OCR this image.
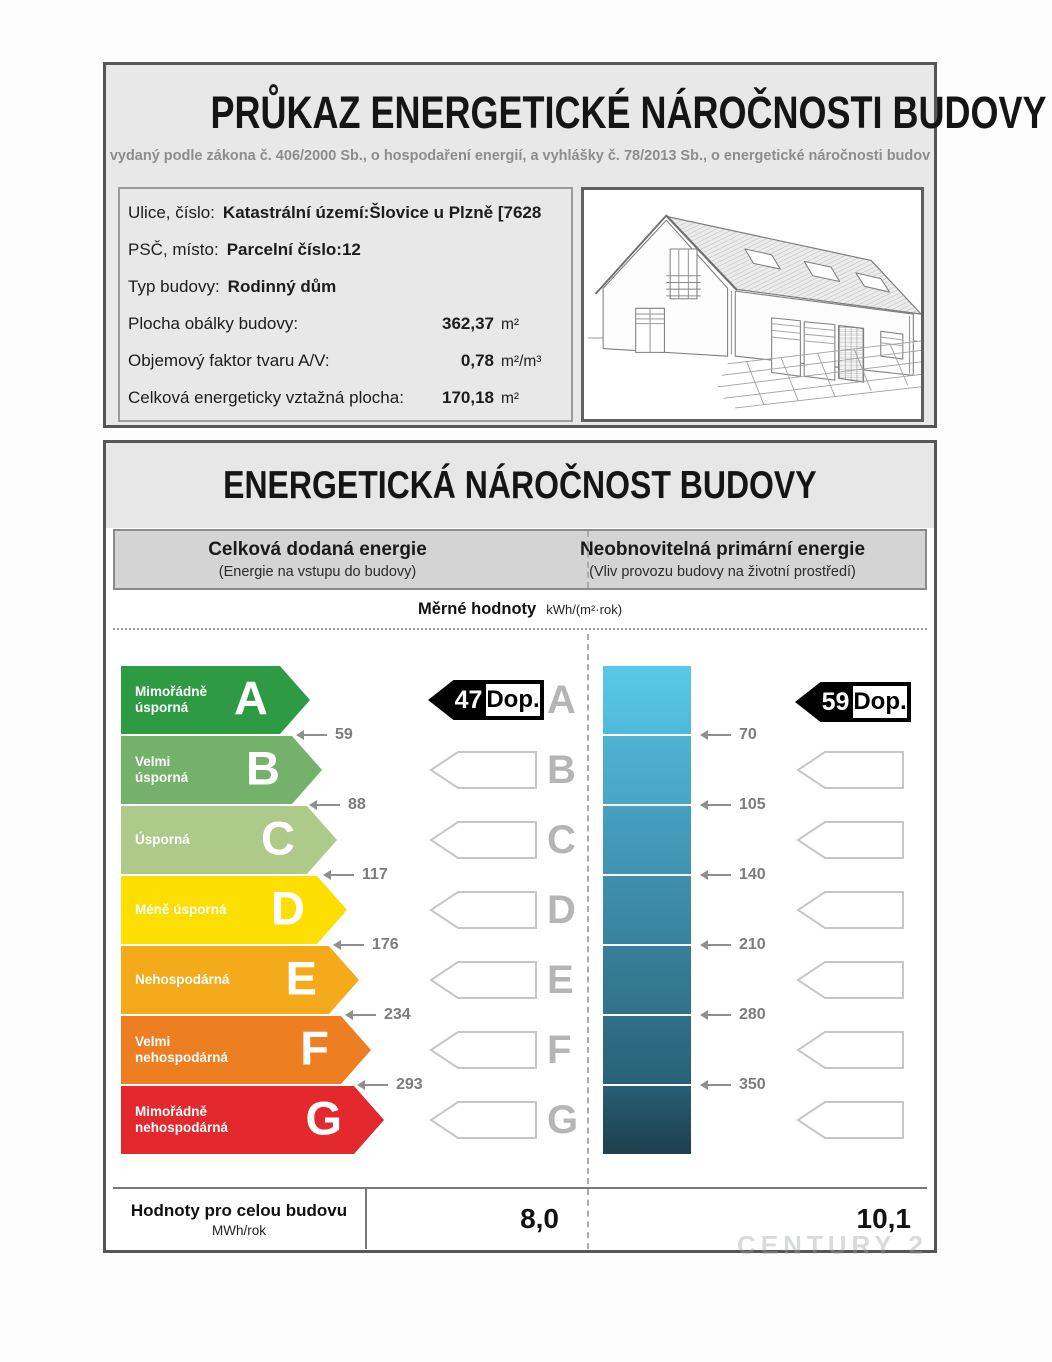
PRŮKAZ ENERGETICKÉ NÁROČNOSTI BUDOVY
vydaný podle zákona č. 406/2000 Sb., o hospodaření energií, a vyhlášky č. 78/2013 Sb., o energetické náročnosti budov
Ulice, číslo: Katastrální území:Šlovice u Plzně [7628
PSČ, místo: Parcelní číslo:12
Typ budovy: Rodinný dům
Plocha obálky budovy:	362,37 m²
Objemový faktor tvaru A/V:	0,78 m²/m³
Celková energeticky vztažná plocha: 170,18 m²
ENERGETICKÁ NÁROČNOST BUDOVY
Celková dodaná energie
(Energie na vstupu do budovy)
Neobnovitelná primární energie
(Vliv provozu budovy na životní prostředí)
Měrné hodnoty kWh/(m²·rok)
Mimořádně
úsporná A
Velmi
úsporná B
Úsporná C
Méně úsporná D
Nehospodárná E
Velmi
nehospodárná F
Mimořádně
nehospodárná G
59
88
117
176
234
293
47 Dop. A
B
C
D
E
F
G
70
105
140
210
280
350
59 Dop.
Hodnoty pro celou budovu
MWh/rok	8,0	10,1
CENTURY 2
